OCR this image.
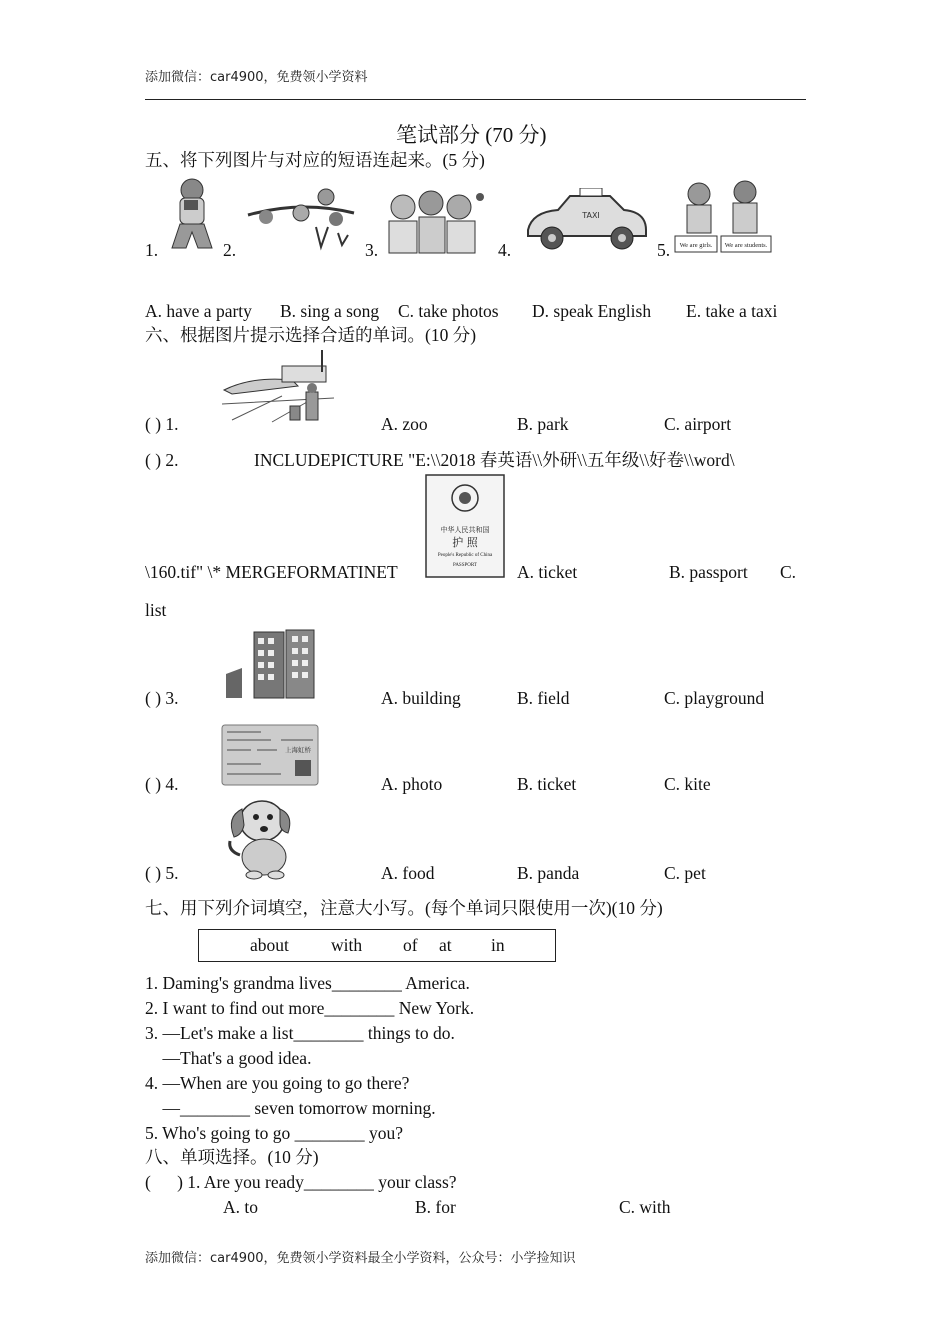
添加微信：car4900，免费领小学资料
笔试部分 (70 分)
五、将下列图片与对应的短语连起来。(5 分)
1.	2.	3.	4.
TAXI
5. We are girls. We are students.
A. have a party B. sing a song C. take photos D. speak English E. take a taxi
六、根据图片提示选择合适的单词。(10 分)
( ) 1.	A. zoo	B. park	C. airport
( ) 2.	INCLUDEPICTURE "E:\\2018 春英语\\外研\\五年级\\好卷\\word\
中华人民共和国
护 照
People's Republic of China
PASSPORT
\160.tif" \* MERGEFORMATINET	A. ticket	B. passport C.
list
( ) 3.	A. building	B. field	C. playground
( ) 4.
上海虹桥
A. photo	B. ticket	C. kite
( ) 5.	A. food	B. panda	C. pet
七、用下列介词填空，注意大小写。(每个单词只限使用一次)(10 分)
about with of at in
1. Daming's grandma lives________ America.
2. I want to find out more________ New York.
3. —Let's make a list________ things to do.
—That's a good idea.
4. —When are you going to go there?
—________ seven tomorrow morning.
5. Who's going to go ________ you?
八、单项选择。(10 分)
(      ) 1. Are you ready________ your class?
A. to	B. for	C. with
添加微信：car4900，免费领小学资料最全小学资料，公众号：小学捡知识
